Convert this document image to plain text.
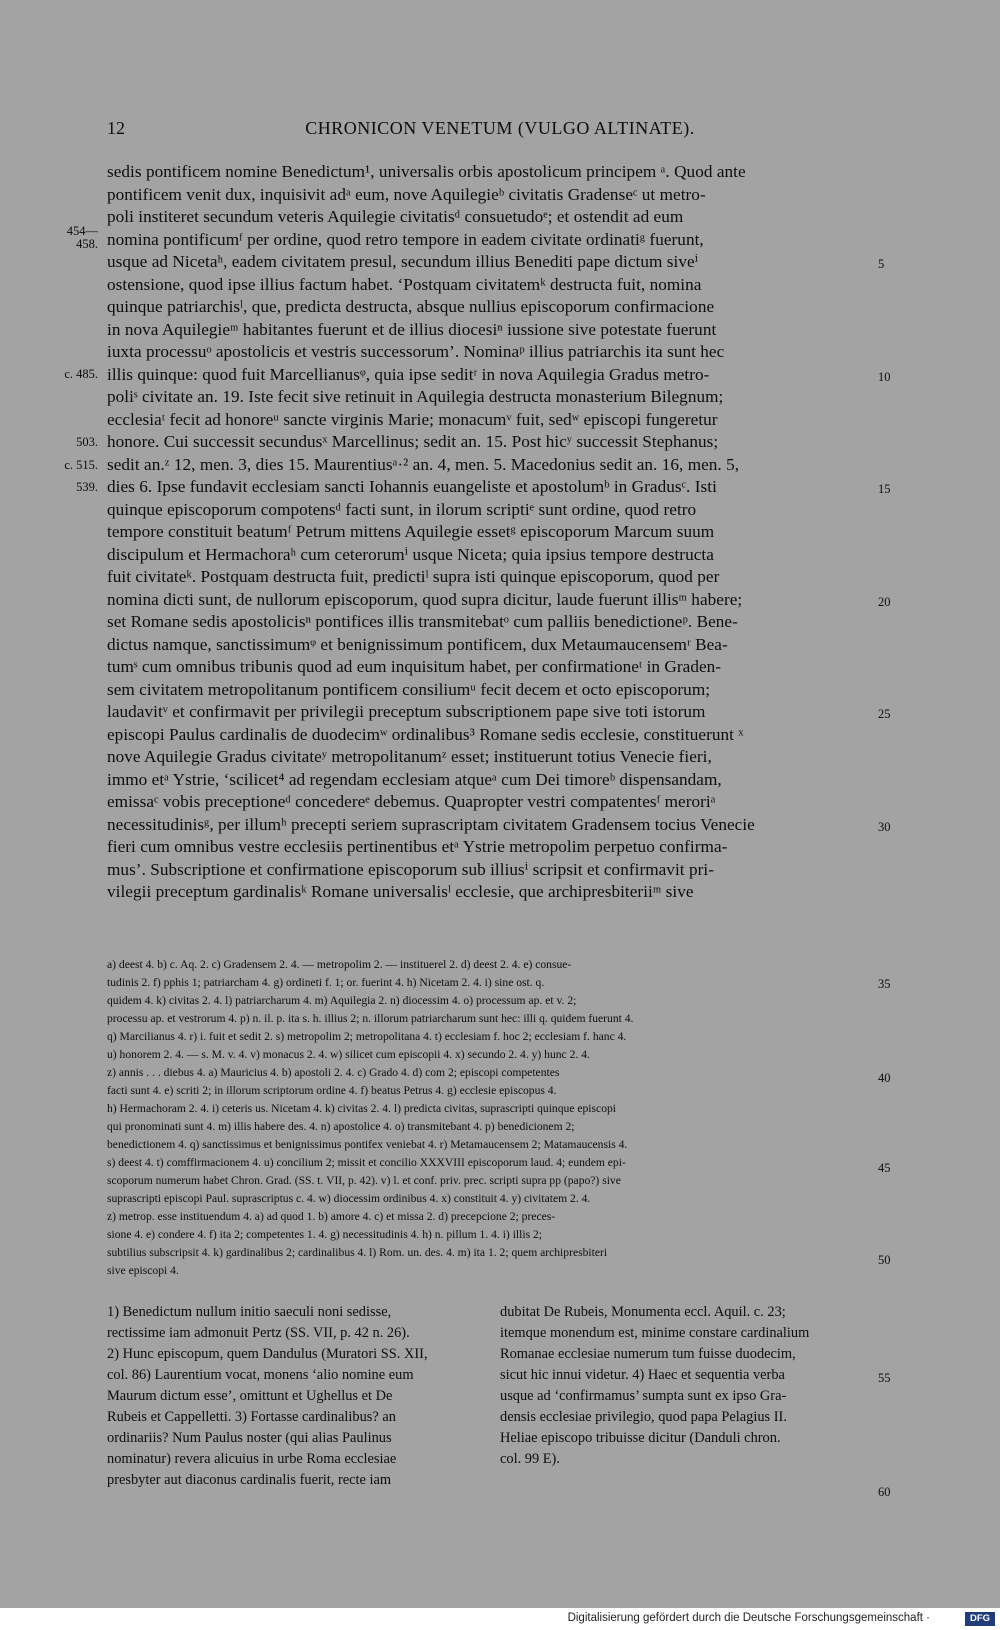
12	CHRONICON VENETUM (VULGO ALTINATE).
sedis pontificem nomine Benedictum¹, universalis orbis apostolicum principem ᵃ. Quod ante
pontificem venit dux, inquisivit adᵃ eum, nove Aquilegieᵇ civitatis Gradenseᶜ ut metro-
poli institeret secundum veteris Aquilegie civitatisᵈ consuetudoᵉ; et ostendit ad eum
nomina pontificumᶠ per ordine, quod retro tempore in eadem civitate ordinatiᵍ fuerunt,
usque ad Nicetaʰ, eadem civitatem presul, secundum illius Benediti pape dictum siveⁱ
ostensione, quod ipse illius factum habet. ‘Postquam civitatemᵏ destructa fuit, nomina
quinque patriarchisˡ, que, predicta destructa, absque nullius episcoporum confirmacione
in nova Aquilegieᵐ habitantes fuerunt et de illius diocesiⁿ iussione sive potestate fuerunt
iuxta processuᵒ apostolicis et vestris successorum’. Nominaᵖ illius patriarchis ita sunt hec
illis quinque: quod fuit Marcellianusᵠ, quia ipse seditʳ in nova Aquilegia Gradus metro-
poliˢ civitate an. 19. Iste fecit sive retinuit in Aquilegia destructa monasterium Bilegnum;
ecclesiaᵗ fecit ad honoreᵘ sancte virginis Marie; monacumᵛ fuit, sedʷ episcopi fungeretur
honore. Cui successit secundusˣ Marcellinus; sedit an. 15. Post hicʸ successit Stephanus;
sedit an.ᶻ 12, men. 3, dies 15. Maurentiusᵃ·² an. 4, men. 5. Macedonius sedit an. 16, men. 5,
dies 6. Ipse fundavit ecclesiam sancti Iohannis euangeliste et apostolumᵇ in Gradusᶜ. Isti
quinque episcoporum compotensᵈ facti sunt, in ilorum scriptiᵉ sunt ordine, quod retro
tempore constituit beatumᶠ Petrum mittens Aquilegie essetᵍ episcoporum Marcum suum
discipulum et Hermachoraʰ cum ceterorumⁱ usque Niceta; quia ipsius tempore destructa
fuit civitateᵏ. Postquam destructa fuit, predictiˡ supra isti quinque episcoporum, quod per
nomina dicti sunt, de nullorum episcoporum, quod supra dicitur, laude fuerunt illisᵐ habere;
set Romane sedis apostolicisⁿ pontifices illis transmitebatᵒ cum palliis benedictioneᵖ. Bene-
dictus namque, sanctissimumᵠ et benignissimum pontificem, dux Metaumaucensemʳ Bea-
tumˢ cum omnibus tribunis quod ad eum inquisitum habet, per confirmationeᵗ in Graden-
sem civitatem metropolitanum pontificem consiliumᵘ fecit decem et octo episcoporum;
laudavitᵛ et confirmavit per privilegii preceptum subscriptionem pape sive toti istorum
episcopi Paulus cardinalis de duodecimʷ ordinalibus³ Romane sedis ecclesie, constituerunt ˣ
nove Aquilegie Gradus civitateʸ metropolitanumᶻ esset; instituerunt totius Venecie fieri,
immo etᵃ Ystrie, ‘scilicet⁴ ad regendam ecclesiam atqueᵃ cum Dei timoreᵇ dispensandam,
emissaᶜ vobis preceptioneᵈ concedereᵉ debemus. Quapropter vestri compatentesᶠ meroriᵃ
necessitudinisᵍ, per illumʰ precepti seriem suprascriptam civitatem Gradensem tocius Venecie
fieri cum omnibus vestre ecclesiis pertinentibus etᵃ Ystrie metropolim perpetuo confirma-
mus’. Subscriptione et confirmatione episcoporum sub illiusⁱ scripsit et confirmavit pri-
vilegii preceptum gardinalisᵏ Romane universalisˡ ecclesie, que archipresbiteriiᵐ sive
454—
458.
c. 485.
503.
c. 515.
539.
5
10
15
20
25
30
35
40
45
50
55
60
a) deest 4. b) c. Aq. 2. c) Gradensem 2. 4. — metropolim 2. — instituerel 2. d) deest 2. 4. e) consue-
tudinis 2. f) pphis 1; patriarcham 4. g) ordineti f. 1; or. fuerint 4. h) Nicetam 2. 4. i) sine ost. q.
quidem 4. k) civitas 2. 4. l) patriarcharum 4. m) Aquilegia 2. n) diocessim 4. o) processum ap. et v. 2;
processu ap. et vestrorum 4. p) n. il. p. ita s. h. illius 2; n. illorum patriarcharum sunt hec: illi q. quidem fuerunt 4.
q) Marcilianus 4. r) i. fuit et sedit 2. s) metropolim 2; metropolitana 4. t) ecclesiam f. hoc 2; ecclesiam f. hanc 4.
u) honorem 2. 4. — s. M. v. 4. v) monacus 2. 4. w) silicet cum episcopii 4. x) secundo 2. 4. y) hunc 2. 4.
z) annis . . . diebus 4. a) Mauricius 4. b) apostoli 2. 4. c) Grado 4. d) com 2; episcopi competentes
facti sunt 4. e) scriti 2; in illorum scriptorum ordine 4. f) beatus Petrus 4. g) ecclesie episcopus 4.
h) Hermachoram 2. 4. i) ceteris us. Nicetam 4. k) civitas 2. 4. l) predicta civitas, suprascripti quinque episcopi
qui pronominati sunt 4. m) illis habere des. 4. n) apostolice 4. o) transmitebant 4. p) benedicionem 2;
benedictionem 4. q) sanctissimus et benignissimus pontifex veniebat 4. r) Metamaucensem 2; Matamaucensis 4.
s) deest 4. t) comffirmacionem 4. u) concilium 2; missit et concilio XXXVIII episcoporum laud. 4; eundem epi-
scoporum numerum habet Chron. Grad. (SS. t. VII, p. 42). v) l. et conf. priv. prec. scripti supra pp (papo?) sive
suprascripti episcopi Paul. suprascriptus c. 4. w) diocessim ordinibus 4. x) constituit 4. y) civitatem 2. 4.
z) metrop. esse instituendum 4. a) ad quod 1. b) amore 4. c) et missa 2. d) precepcione 2; preces-
sione 4. e) condere 4. f) ita 2; competentes 1. 4. g) necessitudinis 4. h) n. pillum 1. 4. i) illis 2;
subtilius subscripsit 4. k) gardinalibus 2; cardinalibus 4. l) Rom. un. des. 4. m) ita 1. 2; quem archipresbiteri
sive episcopi 4.
1) Benedictum nullum initio saeculi noni sedisse,
rectissime iam admonuit Pertz (SS. VII, p. 42 n. 26).
2) Hunc episcopum, quem Dandulus (Muratori SS. XII,
col. 86) Laurentium vocat, monens ‘alio nomine eum
Maurum dictum esse’, omittunt et Ughellus et De
Rubeis et Cappelletti. 3) Fortasse cardinalibus? an
ordinariis? Num Paulus noster (qui alias Paulinus
nominatur) revera alicuius in urbe Roma ecclesiae
presbyter aut diaconus cardinalis fuerit, recte iam
dubitat De Rubeis, Monumenta eccl. Aquil. c. 23;
itemque monendum est, minime constare cardinalium
Romanae ecclesiae numerum tum fuisse duodecim,
sicut hic innui videtur. 4) Haec et sequentia verba
usque ad ‘confirmamus’ sumpta sunt ex ipso Gra-
densis ecclesiae privilegio, quod papa Pelagius II.
Heliae episcopo tribuisse dicitur (Danduli chron.
col. 99 E).
Digitalisierung gefördert durch die Deutsche Forschungsgemeinschaft ·	DFG
